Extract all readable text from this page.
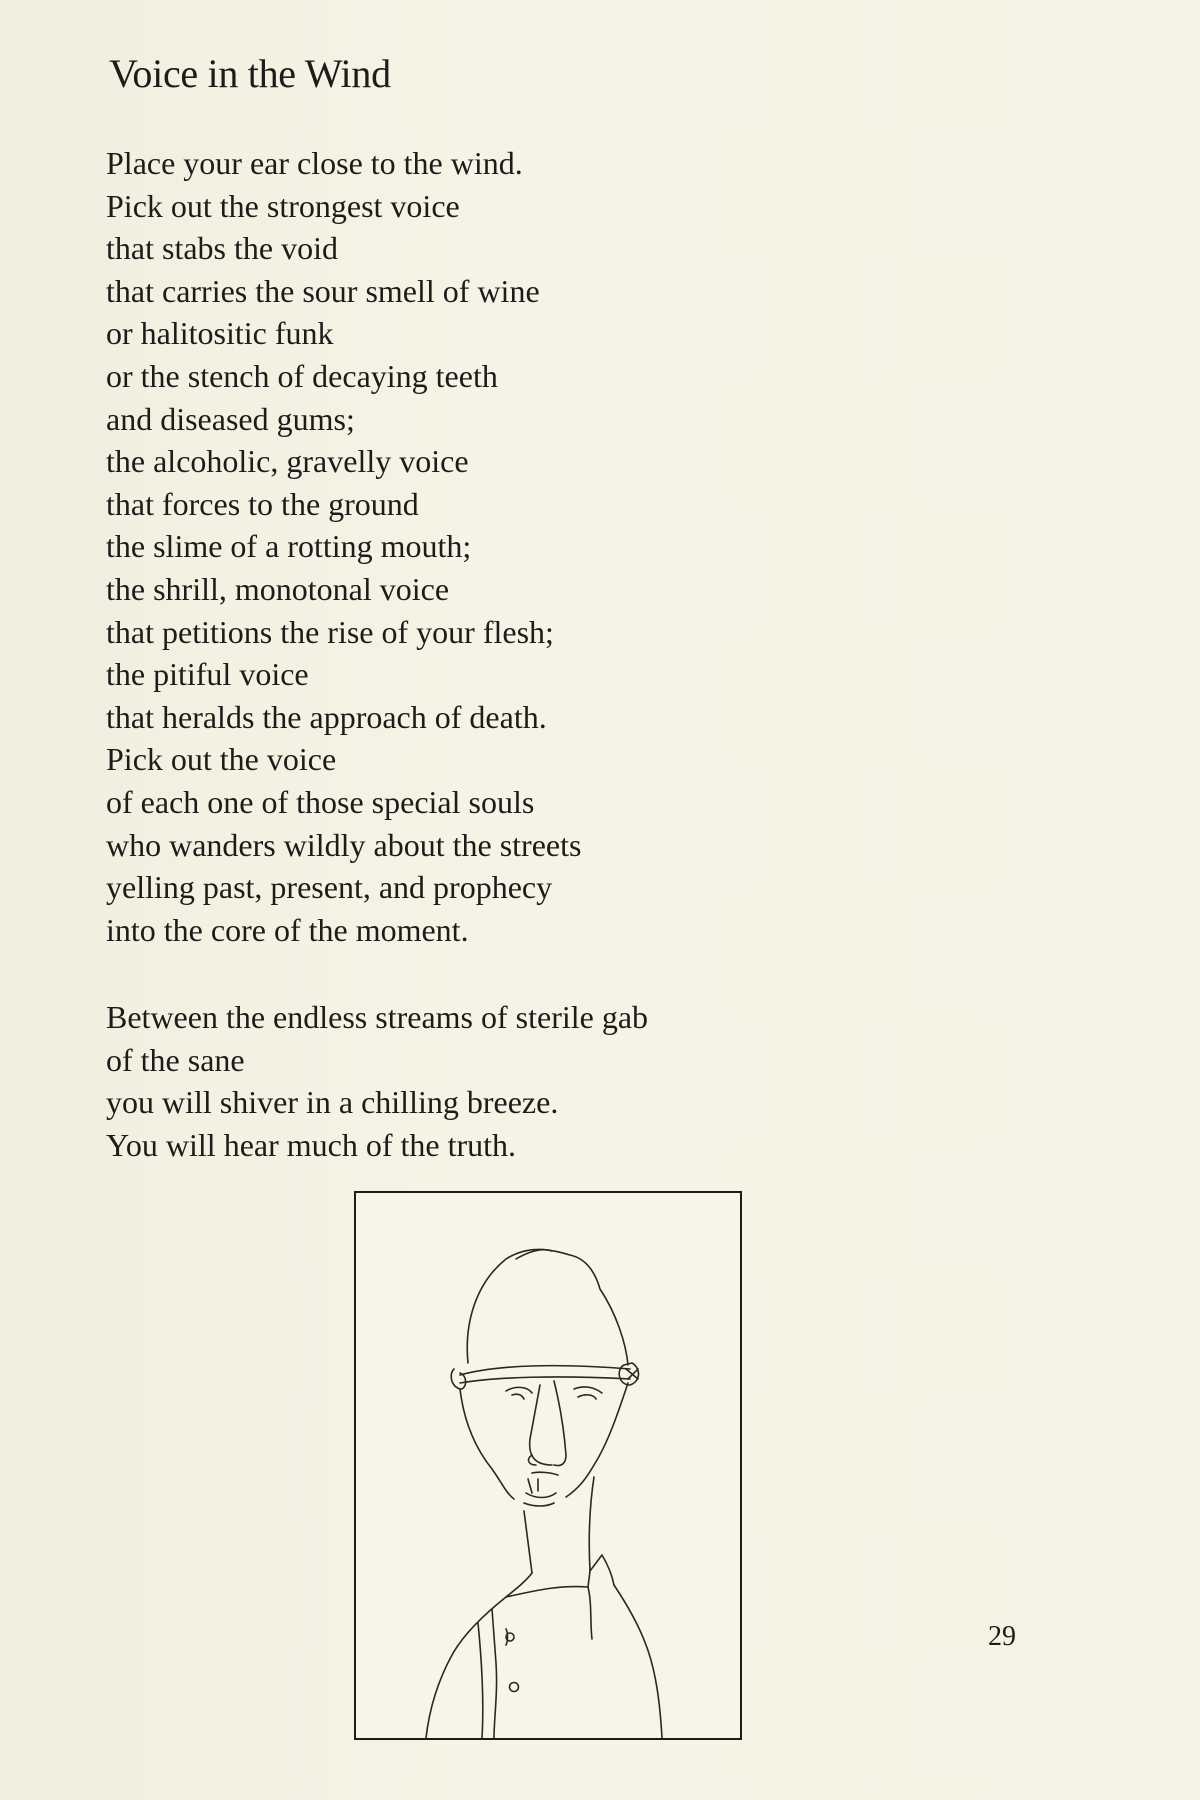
Voice in the Wind
Place your ear close to the wind.
Pick out the strongest voice
that stabs the void
that carries the sour smell of wine
or halitositic funk
or the stench of decaying teeth
and diseased gums;
the alcoholic, gravelly voice
that forces to the ground
the slime of a rotting mouth;
the shrill, monotonal voice
that petitions the rise of your flesh;
the pitiful voice
that heralds the approach of death.
Pick out the voice
of each one of those special souls
who wanders wildly about the streets
yelling past, present, and prophecy
into the core of the moment.
Between the endless streams of sterile gab
of the sane
you will shiver in a chilling breeze.
You will hear much of the truth.
29
